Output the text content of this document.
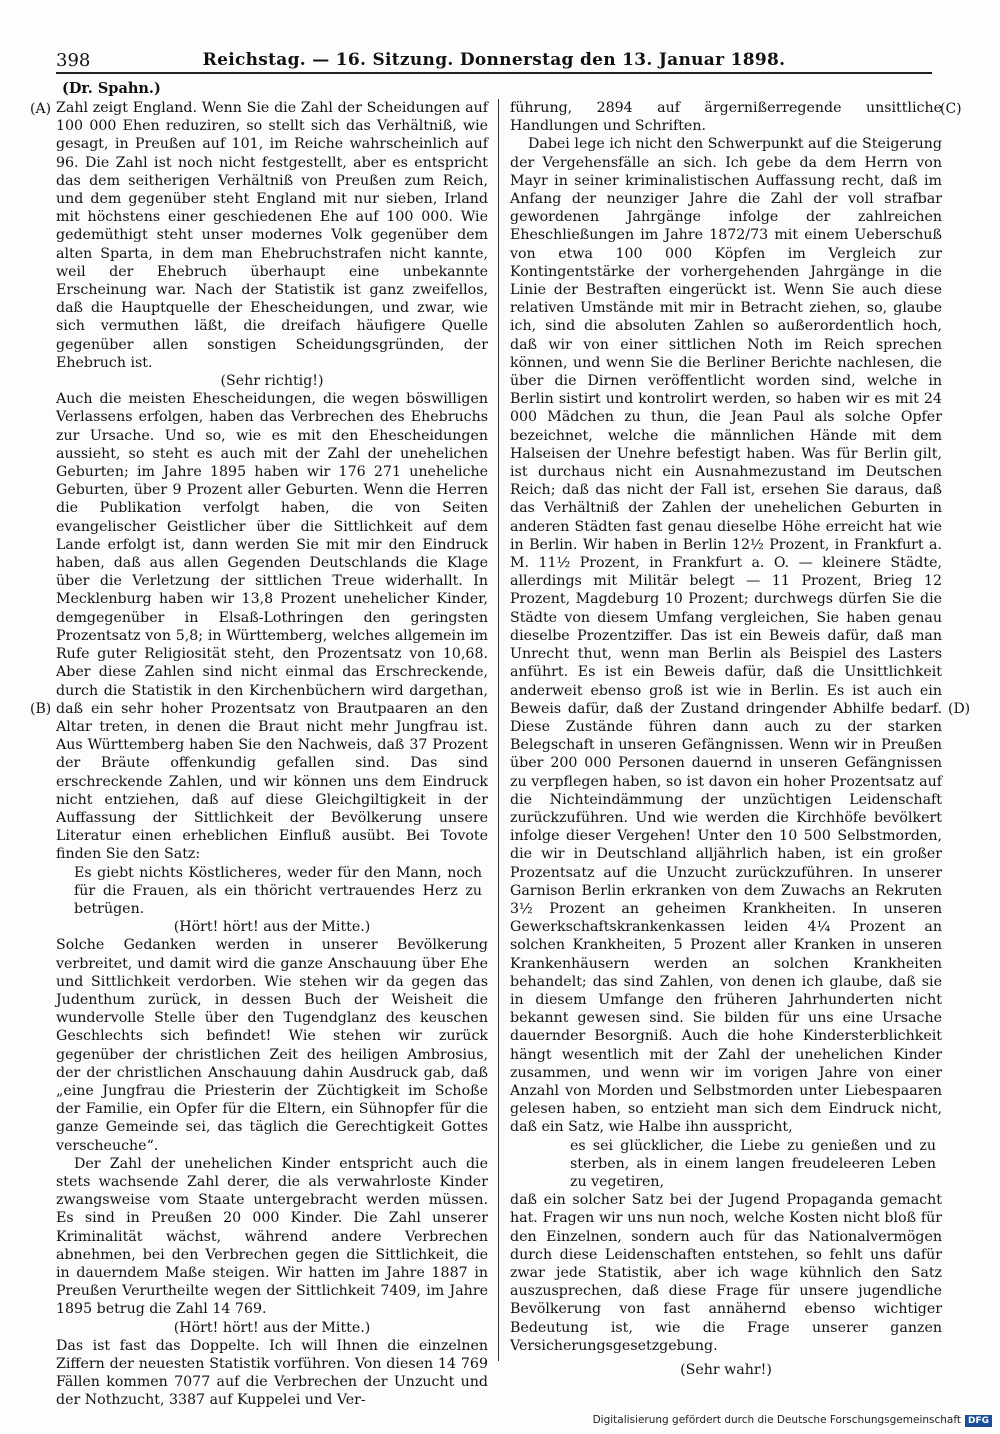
398	Reichstag. — 16. Sitzung. Donnerstag den 13. Januar 1898.
(Dr. Spahn.)
(A)
(B)
(C)
(D)

Zahl zeigt England. Wenn Sie die Zahl der Scheidungen auf 100 000 Ehen reduziren, so stellt sich das Verhältniß, wie gesagt, in Preußen auf 101, im Reiche wahrscheinlich auf 96. Die Zahl ist noch nicht festgestellt, aber es entspricht das dem seitherigen Verhältniß von Preußen zum Reich, und dem gegenüber steht England mit nur sieben, Irland mit höchstens einer geschiedenen Ehe auf 100 000. Wie gedemüthigt steht unser modernes Volk gegenüber dem alten Sparta, in dem man Ehebruchstrafen nicht kannte, weil der Ehebruch überhaupt eine unbekannte Erscheinung war. Nach der Statistik ist ganz zweifellos, daß die Hauptquelle der Ehescheidungen, und zwar, wie sich vermuthen läßt, die dreifach häufigere Quelle gegenüber allen sonstigen Scheidungsgründen, der Ehebruch ist.

(Sehr richtig!)

Auch die meisten Ehescheidungen, die wegen böswilligen Verlassens erfolgen, haben das Verbrechen des Ehebruchs zur Ursache. Und so, wie es mit den Ehescheidungen aussieht, so steht es auch mit der Zahl der unehelichen Geburten; im Jahre 1895 haben wir 176 271 uneheliche Geburten, über 9 Prozent aller Geburten. Wenn die Herren die Publikation verfolgt haben, die von Seiten evangelischer Geistlicher über die Sittlichkeit auf dem Lande erfolgt ist, dann werden Sie mit mir den Eindruck haben, daß aus allen Gegenden Deutschlands die Klage über die Verletzung der sittlichen Treue widerhallt. In Mecklenburg haben wir 13,8 Prozent unehelicher Kinder, demgegenüber in Elsaß-Lothringen den geringsten Prozentsatz von 5,8; in Württemberg, welches allgemein im Rufe guter Religiosität steht, den Prozentsatz von 10,68. Aber diese Zahlen sind nicht einmal das Erschreckende, durch die Statistik in den Kirchenbüchern wird dargethan, daß ein sehr hoher Prozentsatz von Brautpaaren an den Altar treten, in denen die Braut nicht mehr Jungfrau ist. Aus Württemberg haben Sie den Nachweis, daß 37 Prozent der Bräute offenkundig gefallen sind. Das sind erschreckende Zahlen, und wir können uns dem Eindruck nicht entziehen, daß auf diese Gleichgiltigkeit in der Auffassung der Sittlichkeit der Bevölkerung unsere Literatur einen erheblichen Einfluß ausübt. Bei Tovote finden Sie den Satz:

Es giebt nichts Köstlicheres, weder für den Mann, noch für die Frauen, als ein thöricht vertrauendes Herz zu betrügen.

(Hört! hört! aus der Mitte.)

Solche Gedanken werden in unserer Bevölkerung verbreitet, und damit wird die ganze Anschauung über Ehe und Sittlichkeit verdorben. Wie stehen wir da gegen das Judenthum zurück, in dessen Buch der Weisheit die wundervolle Stelle über den Tugendglanz des keuschen Geschlechts sich befindet! Wie stehen wir zurück gegenüber der christlichen Zeit des heiligen Ambrosius, der der christlichen Anschauung dahin Ausdruck gab, daß „eine Jungfrau die Priesterin der Züchtigkeit im Schoße der Familie, ein Opfer für die Eltern, ein Sühnopfer für die ganze Gemeinde sei, das täglich die Gerechtigkeit Gottes verscheuche“.

Der Zahl der unehelichen Kinder entspricht auch die stets wachsende Zahl derer, die als verwahrloste Kinder zwangsweise vom Staate untergebracht werden müssen. Es sind in Preußen 20 000 Kinder. Die Zahl unserer Kriminalität wächst, während andere Verbrechen abnehmen, bei den Verbrechen gegen die Sittlichkeit, die in dauerndem Maße steigen. Wir hatten im Jahre 1887 in Preußen Verurtheilte wegen der Sittlichkeit 7409, im Jahre 1895 betrug die Zahl 14 769.

(Hört! hört! aus der Mitte.)

Das ist fast das Doppelte. Ich will Ihnen die einzelnen Ziffern der neuesten Statistik vorführen. Von diesen 14 769 Fällen kommen 7077 auf die Verbrechen der Unzucht und der Nothzucht, 3387 auf Kuppelei und Ver-

führung, 2894 auf ärgernißerregende unsittliche Handlungen und Schriften.

Dabei lege ich nicht den Schwerpunkt auf die Steigerung der Vergehensfälle an sich. Ich gebe da dem Herrn von Mayr in seiner kriminalistischen Auffassung recht, daß im Anfang der neunziger Jahre die Zahl der voll strafbar gewordenen Jahrgänge infolge der zahlreichen Eheschließungen im Jahre 1872/73 mit einem Ueberschuß von etwa 100 000 Köpfen im Vergleich zur Kontingentstärke der vorhergehenden Jahrgänge in die Linie der Bestraften eingerückt ist. Wenn Sie auch diese relativen Umstände mit mir in Betracht ziehen, so, glaube ich, sind die absoluten Zahlen so außerordentlich hoch, daß wir von einer sittlichen Noth im Reich sprechen können, und wenn Sie die Berliner Berichte nachlesen, die über die Dirnen veröffentlicht worden sind, welche in Berlin sistirt und kontrolirt werden, so haben wir es mit 24 000 Mädchen zu thun, die Jean Paul als solche Opfer bezeichnet, welche die männlichen Hände mit dem Halseisen der Unehre befestigt haben. Was für Berlin gilt, ist durchaus nicht ein Ausnahmezustand im Deutschen Reich; daß das nicht der Fall ist, ersehen Sie daraus, daß das Verhältniß der Zahlen der unehelichen Geburten in anderen Städten fast genau dieselbe Höhe erreicht hat wie in Berlin. Wir haben in Berlin 12½ Prozent, in Frankfurt a. M. 11½ Prozent, in Frankfurt a. O. — kleinere Städte, allerdings mit Militär belegt — 11 Prozent, Brieg 12 Prozent, Magdeburg 10 Prozent; durchwegs dürfen Sie die Städte von diesem Umfang vergleichen, Sie haben genau dieselbe Prozentziffer. Das ist ein Beweis dafür, daß man Unrecht thut, wenn man Berlin als Beispiel des Lasters anführt. Es ist ein Beweis dafür, daß die Unsittlichkeit anderweit ebenso groß ist wie in Berlin. Es ist auch ein Beweis dafür, daß der Zustand dringender Abhilfe bedarf. Diese Zustände führen dann auch zu der starken Belegschaft in unseren Gefängnissen. Wenn wir in Preußen über 200 000 Personen dauernd in unseren Gefängnissen zu verpflegen haben, so ist davon ein hoher Prozentsatz auf die Nichteindämmung der unzüchtigen Leidenschaft zurückzuführen. Und wie werden die Kirchhöfe bevölkert infolge dieser Vergehen! Unter den 10 500 Selbstmorden, die wir in Deutschland alljährlich haben, ist ein großer Prozentsatz auf die Unzucht zurückzuführen. In unserer Garnison Berlin erkranken von dem Zuwachs an Rekruten 3½ Prozent an geheimen Krankheiten. In unseren Gewerkschaftskrankenkassen leiden 4¼ Prozent an solchen Krankheiten, 5 Prozent aller Kranken in unseren Krankenhäusern werden an solchen Krankheiten behandelt; das sind Zahlen, von denen ich glaube, daß sie in diesem Umfange den früheren Jahrhunderten nicht bekannt gewesen sind. Sie bilden für uns eine Ursache dauernder Besorgniß. Auch die hohe Kindersterblichkeit hängt wesentlich mit der Zahl der unehelichen Kinder zusammen, und wenn wir im vorigen Jahre von einer Anzahl von Morden und Selbstmorden unter Liebespaaren gelesen haben, so entzieht man sich dem Eindruck nicht, daß ein Satz, wie Halbe ihn ausspricht,

es sei glücklicher, die Liebe zu genießen und zu sterben, als in einem langen freudeleeren Leben zu vegetiren,

daß ein solcher Satz bei der Jugend Propaganda gemacht hat. Fragen wir uns nun noch, welche Kosten nicht bloß für den Einzelnen, sondern auch für das Nationalvermögen durch diese Leidenschaften entstehen, so fehlt uns dafür zwar jede Statistik, aber ich wage kühnlich den Satz auszusprechen, daß diese Frage für unsere jugendliche Bevölkerung von fast annähernd ebenso wichtiger Bedeutung ist, wie die Frage unserer ganzen Versicherungsgesetzgebung.

(Sehr wahr!)

Digitalisierung gefördert durch die Deutsche Forschungsgemeinschaft DFG
